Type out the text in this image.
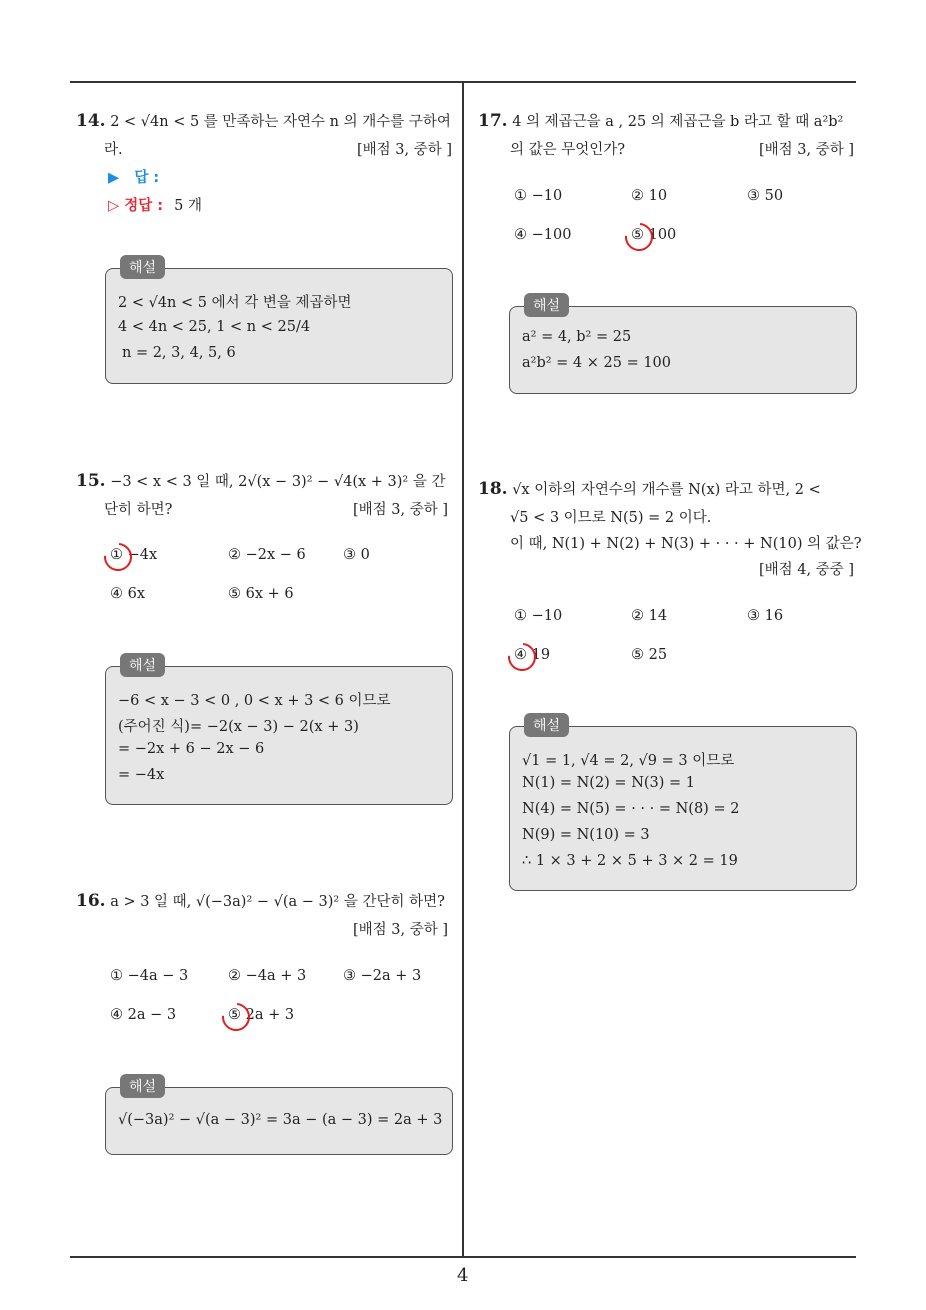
4
14. 2 < √4n < 5 를 만족하는 자연수 n 의 개수를 구하여
라.	[배점 3, 중하 ]
▶ 답 :
▷ 정답 : 5 개
해설
2 < √4n < 5 에서 각 변을 제곱하면
4 < 4n < 25, 1 < n < 25/4
n = 2, 3, 4, 5, 6
15. −3 < x < 3 일 때, 2√(x − 3)² − √4(x + 3)² 을 간
단히 하면?	[배점 3, 중하 ]
① −4x	② −2x − 6	③ 0
④ 6x	⑤ 6x + 6
해설
−6 < x − 3 < 0 , 0 < x + 3 < 6 이므로
(주어진 식)= −2(x − 3) − 2(x + 3)
= −2x + 6 − 2x − 6
= −4x
16. a > 3 일 때, √(−3a)² − √(a − 3)² 을 간단히 하면?
[배점 3, 중하 ]
① −4a − 3	② −4a + 3	③ −2a + 3
④ 2a − 3	⑤ 2a + 3
해설
√(−3a)² − √(a − 3)² = 3a − (a − 3) = 2a + 3
17. 4 의 제곱근을 a , 25 의 제곱근을 b 라고 할 때 a²b²
의 값은 무엇인가?	[배점 3, 중하 ]
① −10	② 10	③ 50
④ −100	⑤ 100
해설
a² = 4, b² = 25
a²b² = 4 × 25 = 100
18. √x 이하의 자연수의 개수를 N(x) 라고 하면, 2 <
√5 < 3 이므로 N(5) = 2 이다.
이 때, N(1) + N(2) + N(3) + · · · + N(10) 의 값은?
[배점 4, 중중 ]
① −10	② 14	③ 16
④ 19	⑤ 25
해설
√1 = 1, √4 = 2, √9 = 3 이므로
N(1) = N(2) = N(3) = 1
N(4) = N(5) = · · · = N(8) = 2
N(9) = N(10) = 3
∴ 1 × 3 + 2 × 5 + 3 × 2 = 19
